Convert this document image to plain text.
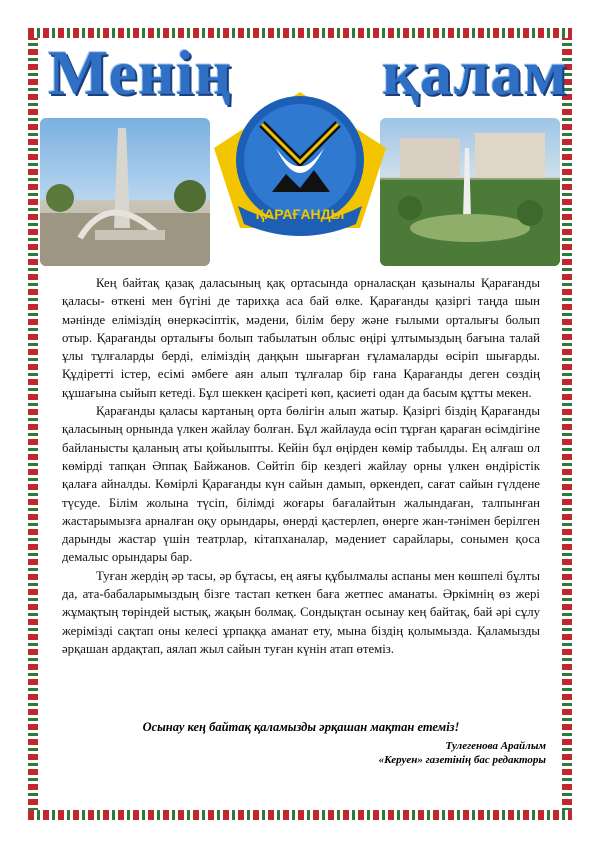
Менің қалам
ҚАРАҒАНДЫ

Кең байтақ қазақ даласының қақ ортасында орналасқан қазыналы Қарағанды қаласы- өткені мен бүгіні де тарихқа аса бай өлке. Қарағанды қазіргі таңда шын мәнінде еліміздің өнеркәсіптік, мәдени, білім беру және ғылыми орталығы болып отыр. Қарағанды орталығы болып табылатын облыс өңірі ұлтымыздың бағына талай ұлы тұлғаларды берді, еліміздің даңқын шығарған ғұламаларды өсіріп шығарды. Құдіретті істер, есімі әмбеге аян алып тұлғалар бір ғана Қарағанды деген сөздің құшағына сыйып кетеді. Бұл шеккен қасіреті көп, қасиеті одан да басым құтты мекен.

Қарағанды қаласы картаның орта бөлігін алып жатыр. Қазіргі біздің Қарағанды қаласының орнында үлкен жайлау болған. Бұл жайлауда өсіп тұрған қараған өсімдігіне байланысты қаланың аты қойылыпты. Кейін бұл өңірден көмір табылды. Ең алғаш ол көмірді тапқан Әппақ Байжанов. Сөйтіп бір кездегі жайлау орны үлкен өндірістік қалаға айналды. Көмірлі Қарағанды күн сайын дамып, өркендеп, сағат сайын гүлдене түсуде. Білім жолына түсіп, білімді жоғары бағалайтын жалындаған, талпынған жастарымызға арналған оқу орындары, өнерді қастерлеп, өнерге жан-тәнімен берілген дарынды жастар үшін театрлар, кітапханалар, мәдениет сарайлары, сонымен қоса демалыс орындары бар.

Туған жердің әр тасы, әр бұтасы, ең аяғы құбылмалы аспаны мен көшпелі бұлты да, ата-бабаларымыздың бізге тастап кеткен баға жетпес аманаты. Әркімнің өз жері жұмақтың төріндей ыстық, жақын болмақ. Сондықтан осынау кең байтақ, бай әрі сұлу жерімізді сақтап оны келесі ұрпаққа аманат ету, мына біздің қолымызда. Қаламызды әрқашан ардақтап, аялап жыл сайын туған күнін атап өтеміз.

Осынау кең байтақ қаламызды әрқашан мақтан етеміз!
Тулегенова Арайлым
«Керуен» газетінің бас редакторы
